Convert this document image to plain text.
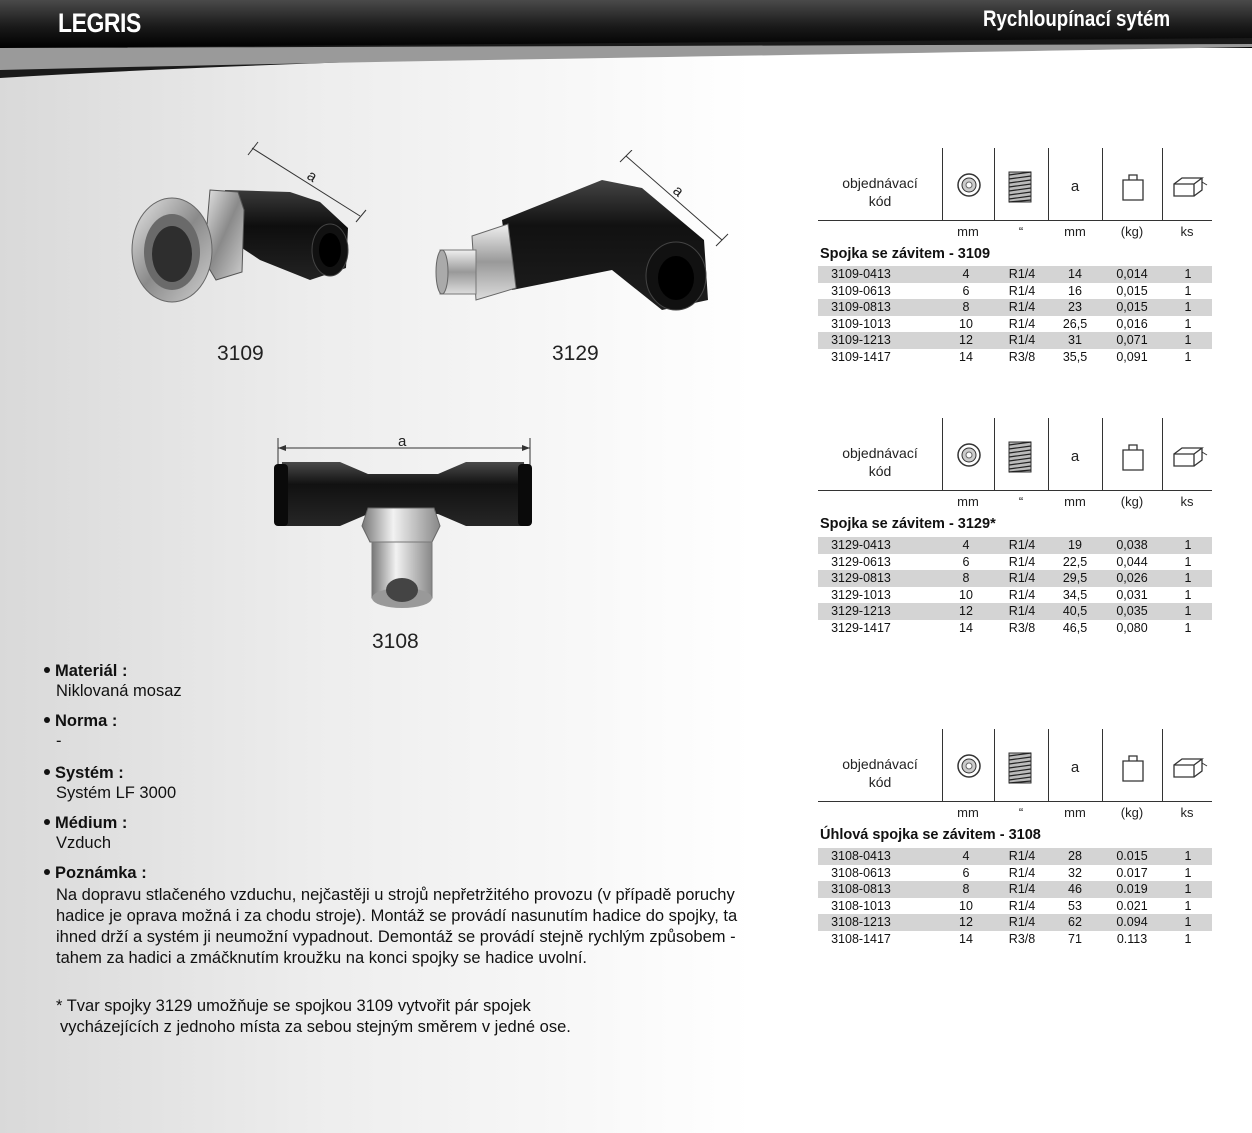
LEGRIS	Rychloupínací sytém
a
3109
a
3129
a
3108
objednávací
kód
a
mm	“	mm	(kg)	ks
Spojka se závitem - 3109
3109-0413	4	R1/4	14	0,014	1
3109-0613	6	R1/4	16	0,015	1
3109-0813	8	R1/4	23	0,015	1
3109-1013	10	R1/4	26,5	0,016	1
3109-1213	12	R1/4	31	0,071	1
3109-1417	14	R3/8	35,5	0,091	1
objednávací
kód
a
mm	“	mm	(kg)	ks
Spojka se závitem - 3129*
3129-0413	4	R1/4	19	0,038	1
3129-0613	6	R1/4	22,5	0,044	1
3129-0813	8	R1/4	29,5	0,026	1
3129-1013	10	R1/4	34,5	0,031	1
3129-1213	12	R1/4	40,5	0,035	1
3129-1417	14	R3/8	46,5	0,080	1
objednávací
kód
a
mm	“	mm	(kg)	ks
Úhlová spojka se závitem - 3108
3108-0413	4	R1/4	28	0.015	1
3108-0613	6	R1/4	32	0.017	1
3108-0813	8	R1/4	46	0.019	1
3108-1013	10	R1/4	53	0.021	1
3108-1213	12	R1/4	62	0.094	1
3108-1417	14	R3/8	71	0.113	1
Materiál :
Niklovaná mosaz
Norma :
-
Systém :
Systém LF 3000
Médium :
Vzduch
Poznámka :
Na dopravu stlačeného vzduchu, nejčastěji u strojů nepřetržitého provozu (v případě poruchy hadice je oprava možná i za chodu stroje). Montáž se provádí nasunutím hadice do spojky, ta ihned drží a systém ji neumožní vypadnout. Demontáž se provádí stejně rychlým způsobem - tahem za hadici a zmáčknutím kroužku na konci spojky se hadice uvolní.
* Tvar spojky 3129 umožňuje se spojkou 3109 vytvořit pár spojek
vycházejících z jednoho místa za sebou stejným směrem v jedné ose.
